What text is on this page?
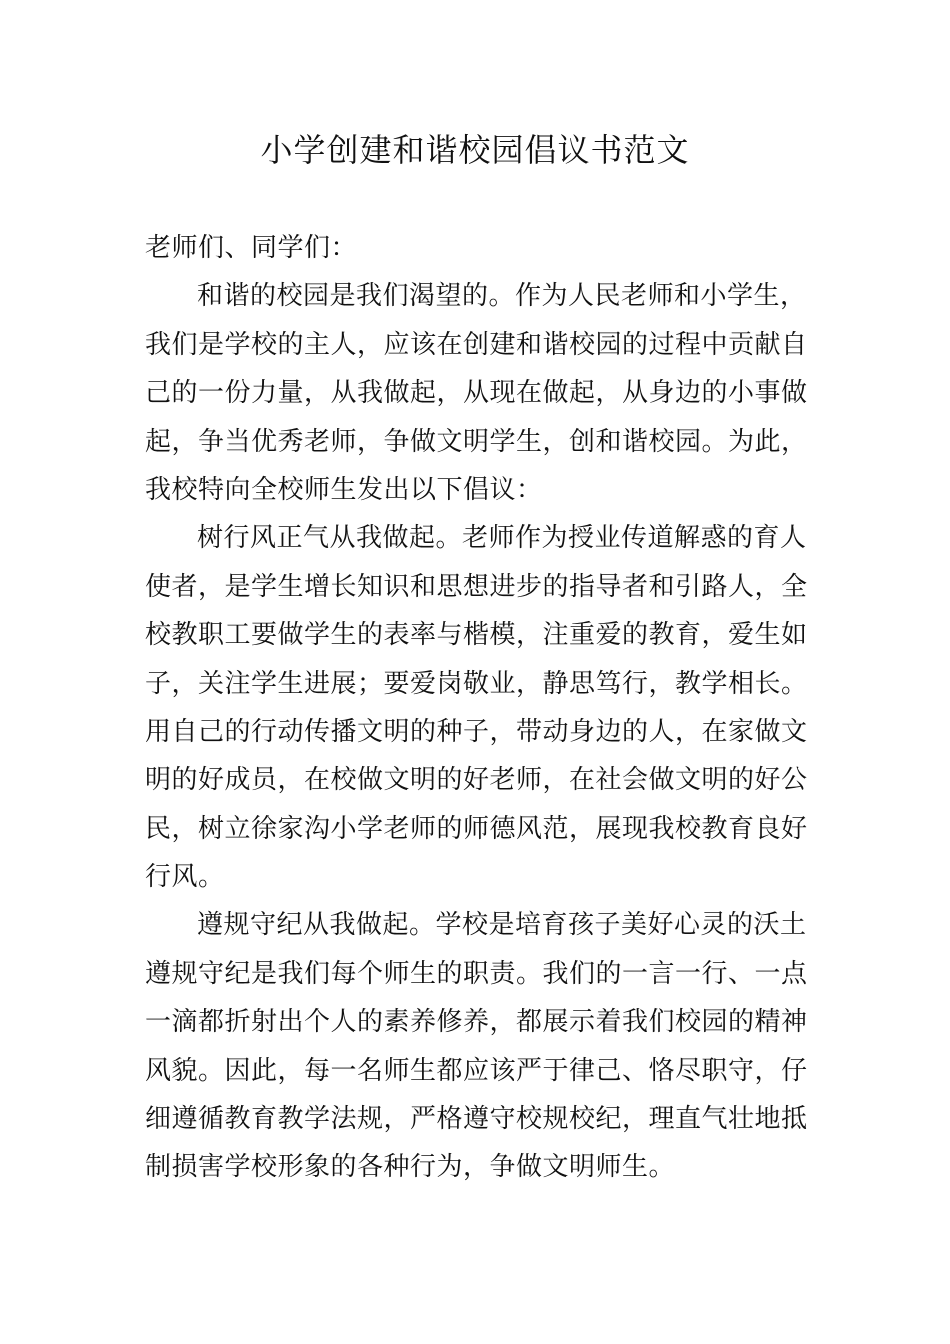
小学创建和谐校园倡议书范文

老师们、同学们：

和谐的校园是我们渴望的。作为人民老师和小学生，
我们是学校的主人，应该在创建和谐校园的过程中贡献自
己的一份力量，从我做起，从现在做起，从身边的小事做
起，争当优秀老师，争做文明学生，创和谐校园。为此，
我校特向全校师生发出以下倡议：
树行风正气从我做起。老师作为授业传道解惑的育人
使者，是学生增长知识和思想进步的指导者和引路人，全
校教职工要做学生的表率与楷模，注重爱的教育，爱生如
子，关注学生进展；要爱岗敬业，静思笃行，教学相长。
用自己的行动传播文明的种子，带动身边的人，在家做文
明的好成员，在校做文明的好老师，在社会做文明的好公
民，树立徐家沟小学老师的师德风范，展现我校教育良好
行风。
遵规守纪从我做起。学校是培育孩子美好心灵的沃土
遵规守纪是我们每个师生的职责。我们的一言一行、一点
一滴都折射出个人的素养修养，都展示着我们校园的精神
风貌。因此，每一名师生都应该严于律己、恪尽职守，仔
细遵循教育教学法规，严格遵守校规校纪，理直气壮地抵
制损害学校形象的各种行为，争做文明师生。
